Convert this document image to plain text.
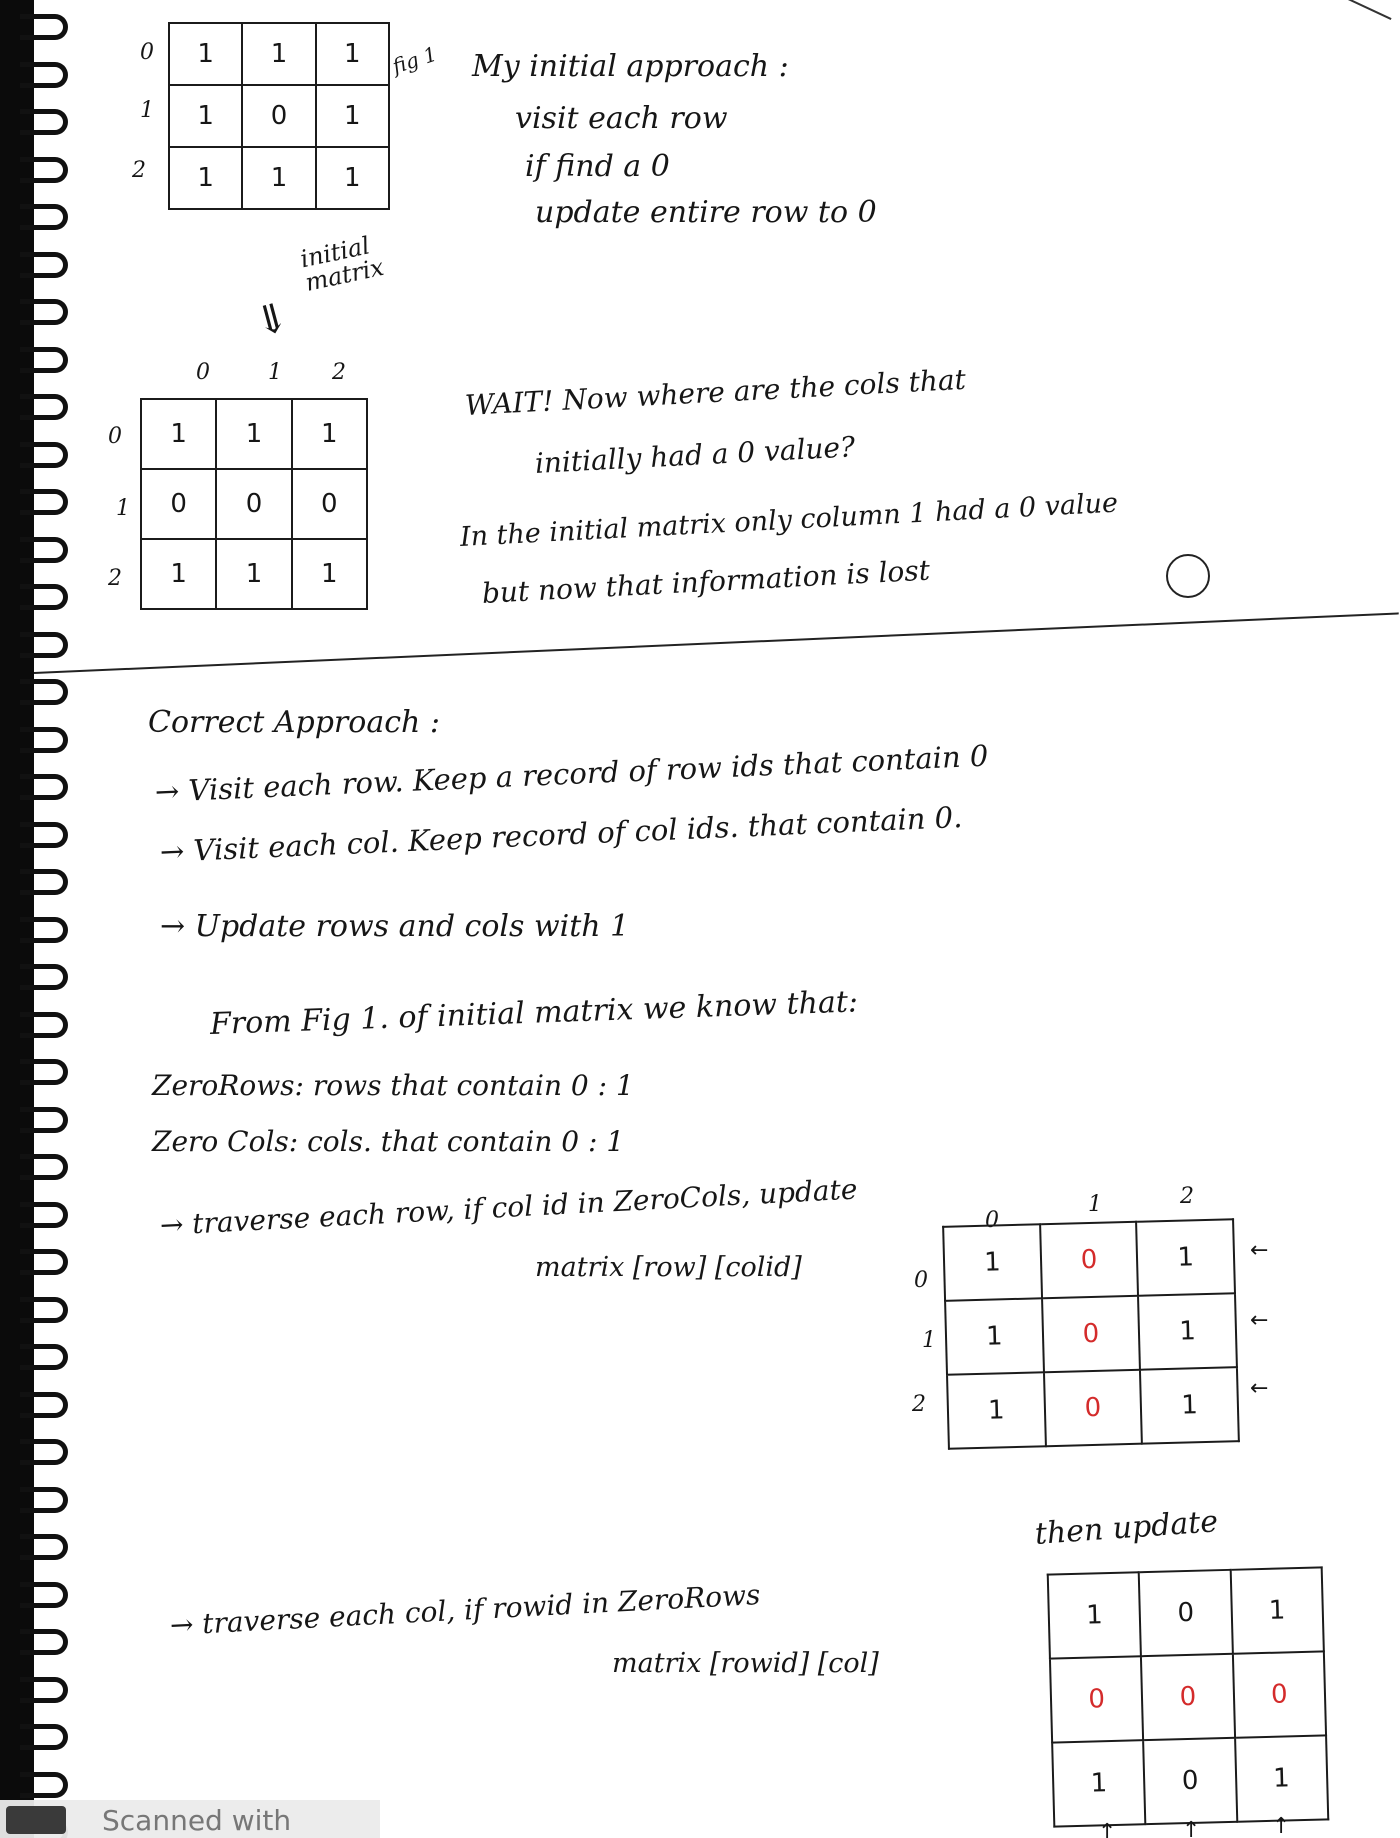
0
1
2
1	1	1
1	0	1
1	1	1
fig 1
initial matrix
⇓
My initial approach :
visit each row
if find a 0
update entire row to 0
0	1 2
0
1
2
1	1	1
0	0	0
1	1	1
WAIT! Now where are the cols that
initially had a 0 value?
In the initial matrix only column 1 had a 0 value
but now that information is lost
Correct Approach :
→ Visit each row. Keep a record of row ids that contain 0
→ Visit each col. Keep record of col ids. that contain 0.
→ Update rows and cols with 1
From Fig 1. of initial matrix we know that:
ZeroRows: rows that contain 0 : 1
Zero Cols: cols. that contain 0 : 1
→ traverse each row, if col id in ZeroCols, update
matrix [row] [colid]
0
1	2
0
1
2
1	0	1
1	0	1
1	0	1
←
←
←
then update
→ traverse each col, if rowid in ZeroRows
matrix [rowid] [col]
1	0	1
0	0	0
1	0	1
↑	↑	↑
Scanned with
